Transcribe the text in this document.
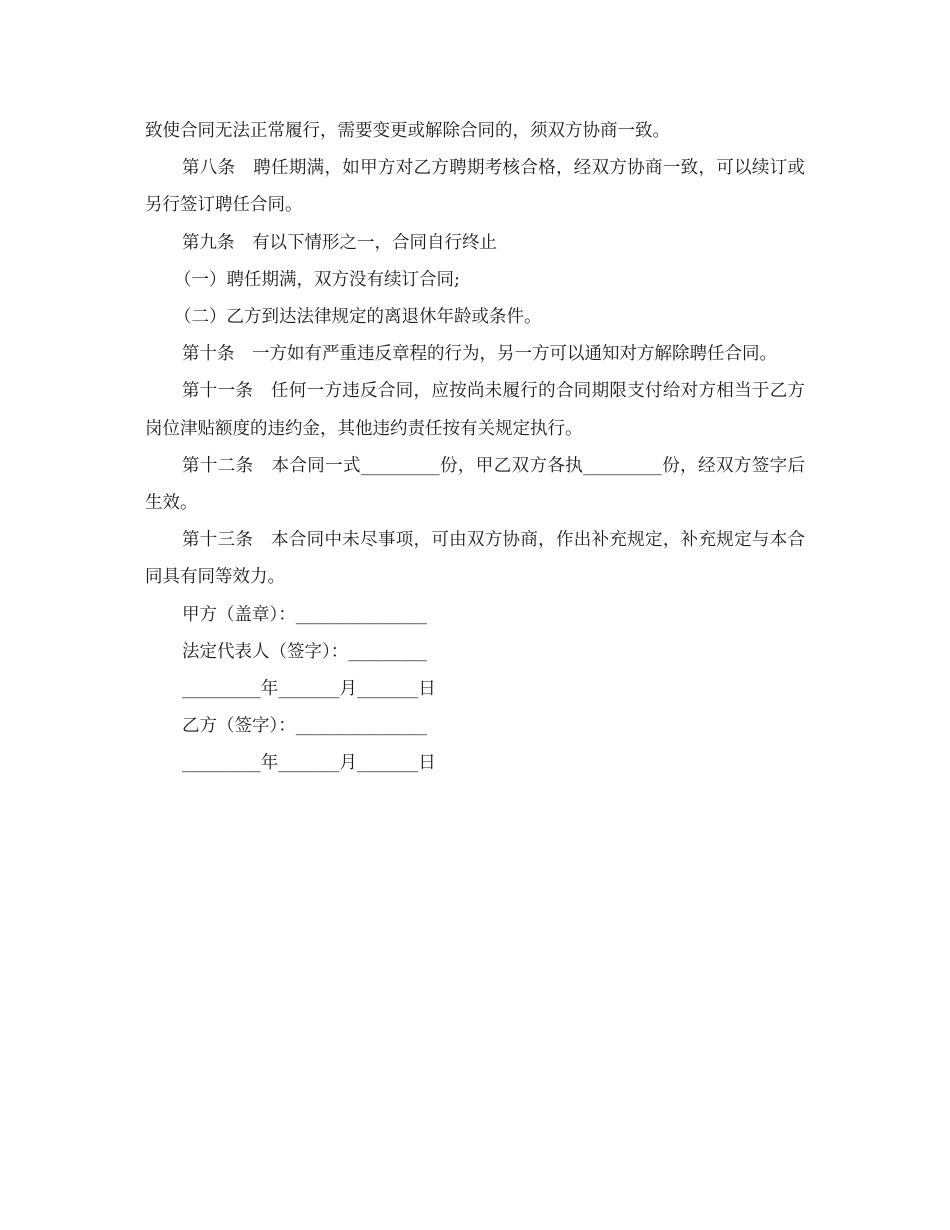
致使合同无法正常履行，需要变更或解除合同的，须双方协商一致。

第八条　聘任期满，如甲方对乙方聘期考核合格，经双方协商一致，可以续订或另行签订聘任合同。

第九条　有以下情形之一，合同自行终止

（一）聘任期满，双方没有续订合同;

（二）乙方到达法律规定的离退休年龄或条件。

第十条　一方如有严重违反章程的行为，另一方可以通知对方解除聘任合同。

第十一条　任何一方违反合同，应按尚未履行的合同期限支付给对方相当于乙方岗位津贴额度的违约金，其他违约责任按有关规定执行。

第十二条　本合同一式_________份，甲乙双方各执_________份，经双方签字后生效。

第十三条　本合同中未尽事项，可由双方协商，作出补充规定，补充规定与本合同具有同等效力。

甲方（盖章）：_______________
法定代表人（签字）：_________
_________年_______月_______日
乙方（签字）：_______________
_________年_______月_______日
